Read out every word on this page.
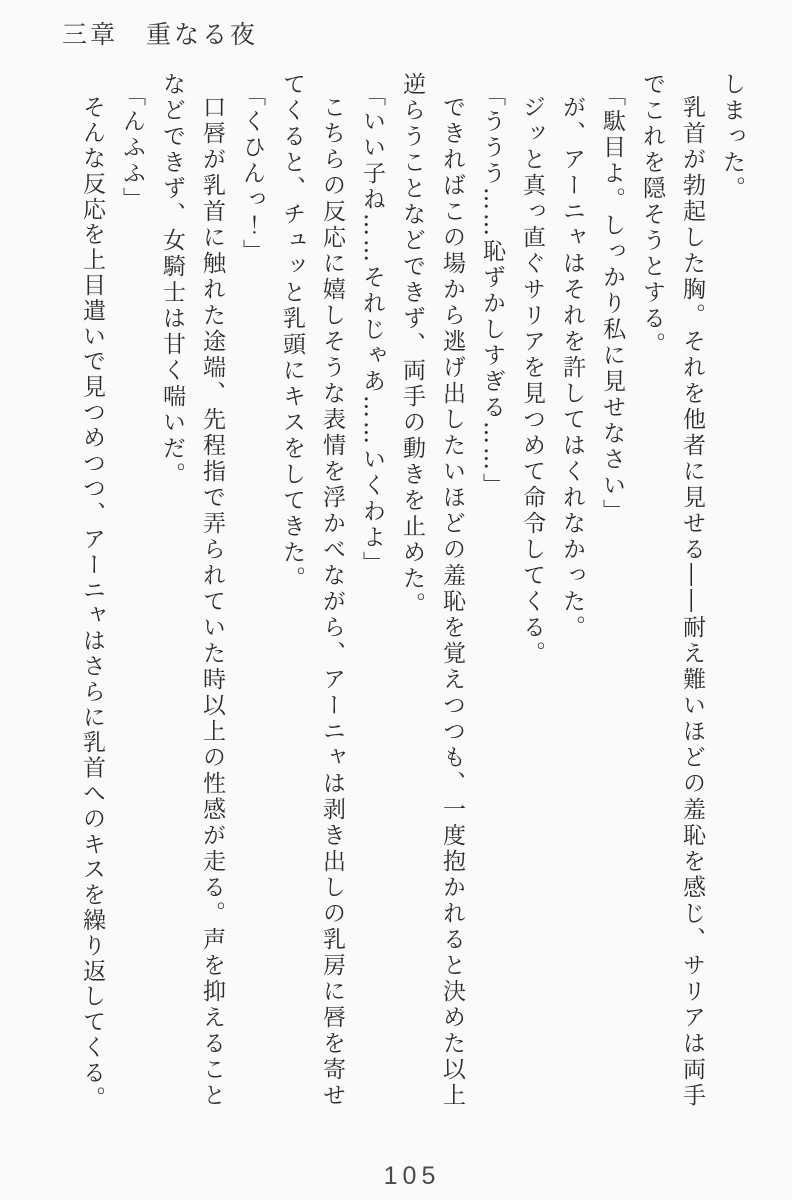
三章　重なる夜

しまった。

乳首が勃起した胸。それを他者に見せる――耐え難いほどの羞恥を感じ、サリアは両手でこれを隠そうとする。

「駄目よ。しっかり私に見せなさい」

が、アーニャはそれを許してはくれなかった。

ジッと真っ直ぐサリアを見つめて命令してくる。

「ううう……恥ずかしすぎる……」

できればこの場から逃げ出したいほどの羞恥を覚えつつも、一度抱かれると決めた以上逆らうことなどできず、両手の動きを止めた。

「いい子ね……それじゃあ……いくわよ」

こちらの反応に嬉しそうな表情を浮かべながら、アーニャは剥き出しの乳房に唇を寄せてくると、チュッと乳頭にキスをしてきた。

「くひんっ！」

口唇が乳首に触れた途端、先程指で弄られていた時以上の性感が走る。声を抑えることなどできず、女騎士は甘く喘いだ。

「んふふ」

そんな反応を上目遣いで見つめつつ、アーニャはさらに乳首へのキスを繰り返してくる。

105
